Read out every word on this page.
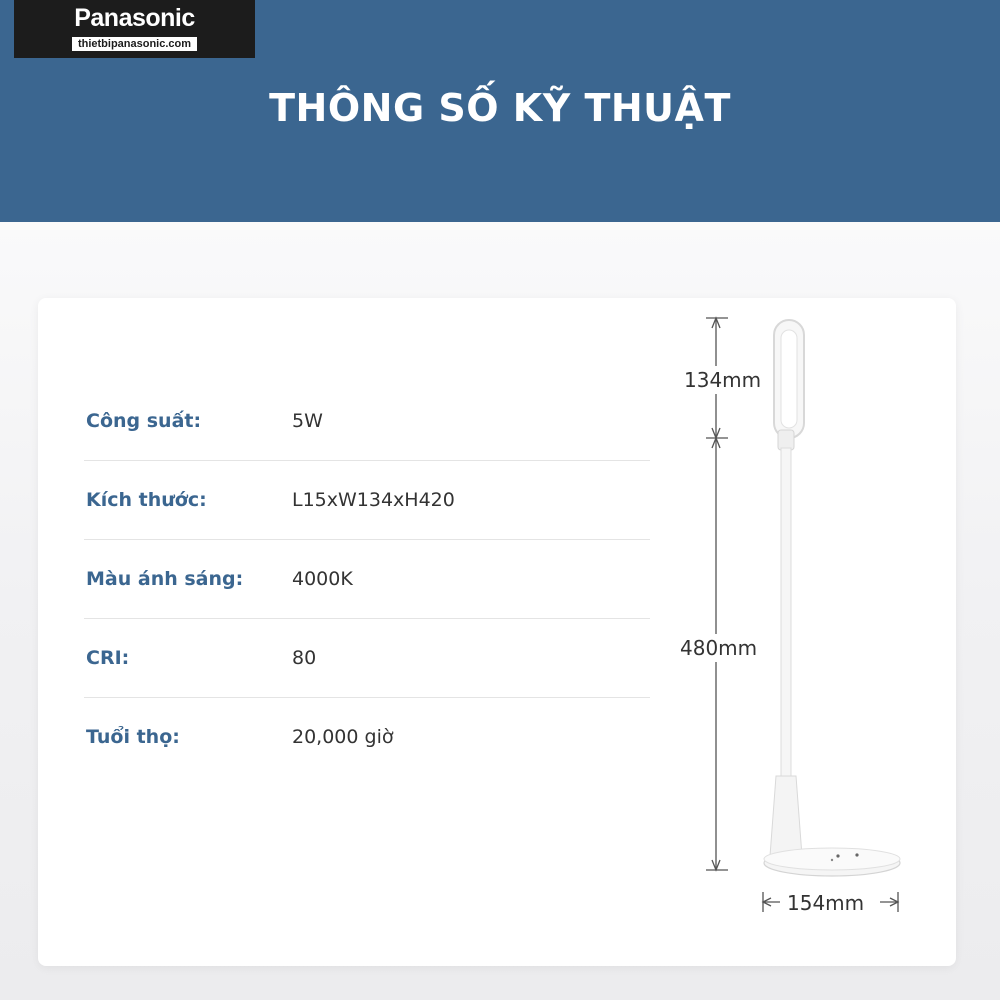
Panasonic
thietbipanasonic.com
THÔNG SỐ KỸ THUẬT
Công suất:	5W
Kích thước:	L15xW134xH420
Màu ánh sáng:	4000K
CRI:	80
Tuổi thọ:	20,000 giờ
134mm
480mm
154mm
